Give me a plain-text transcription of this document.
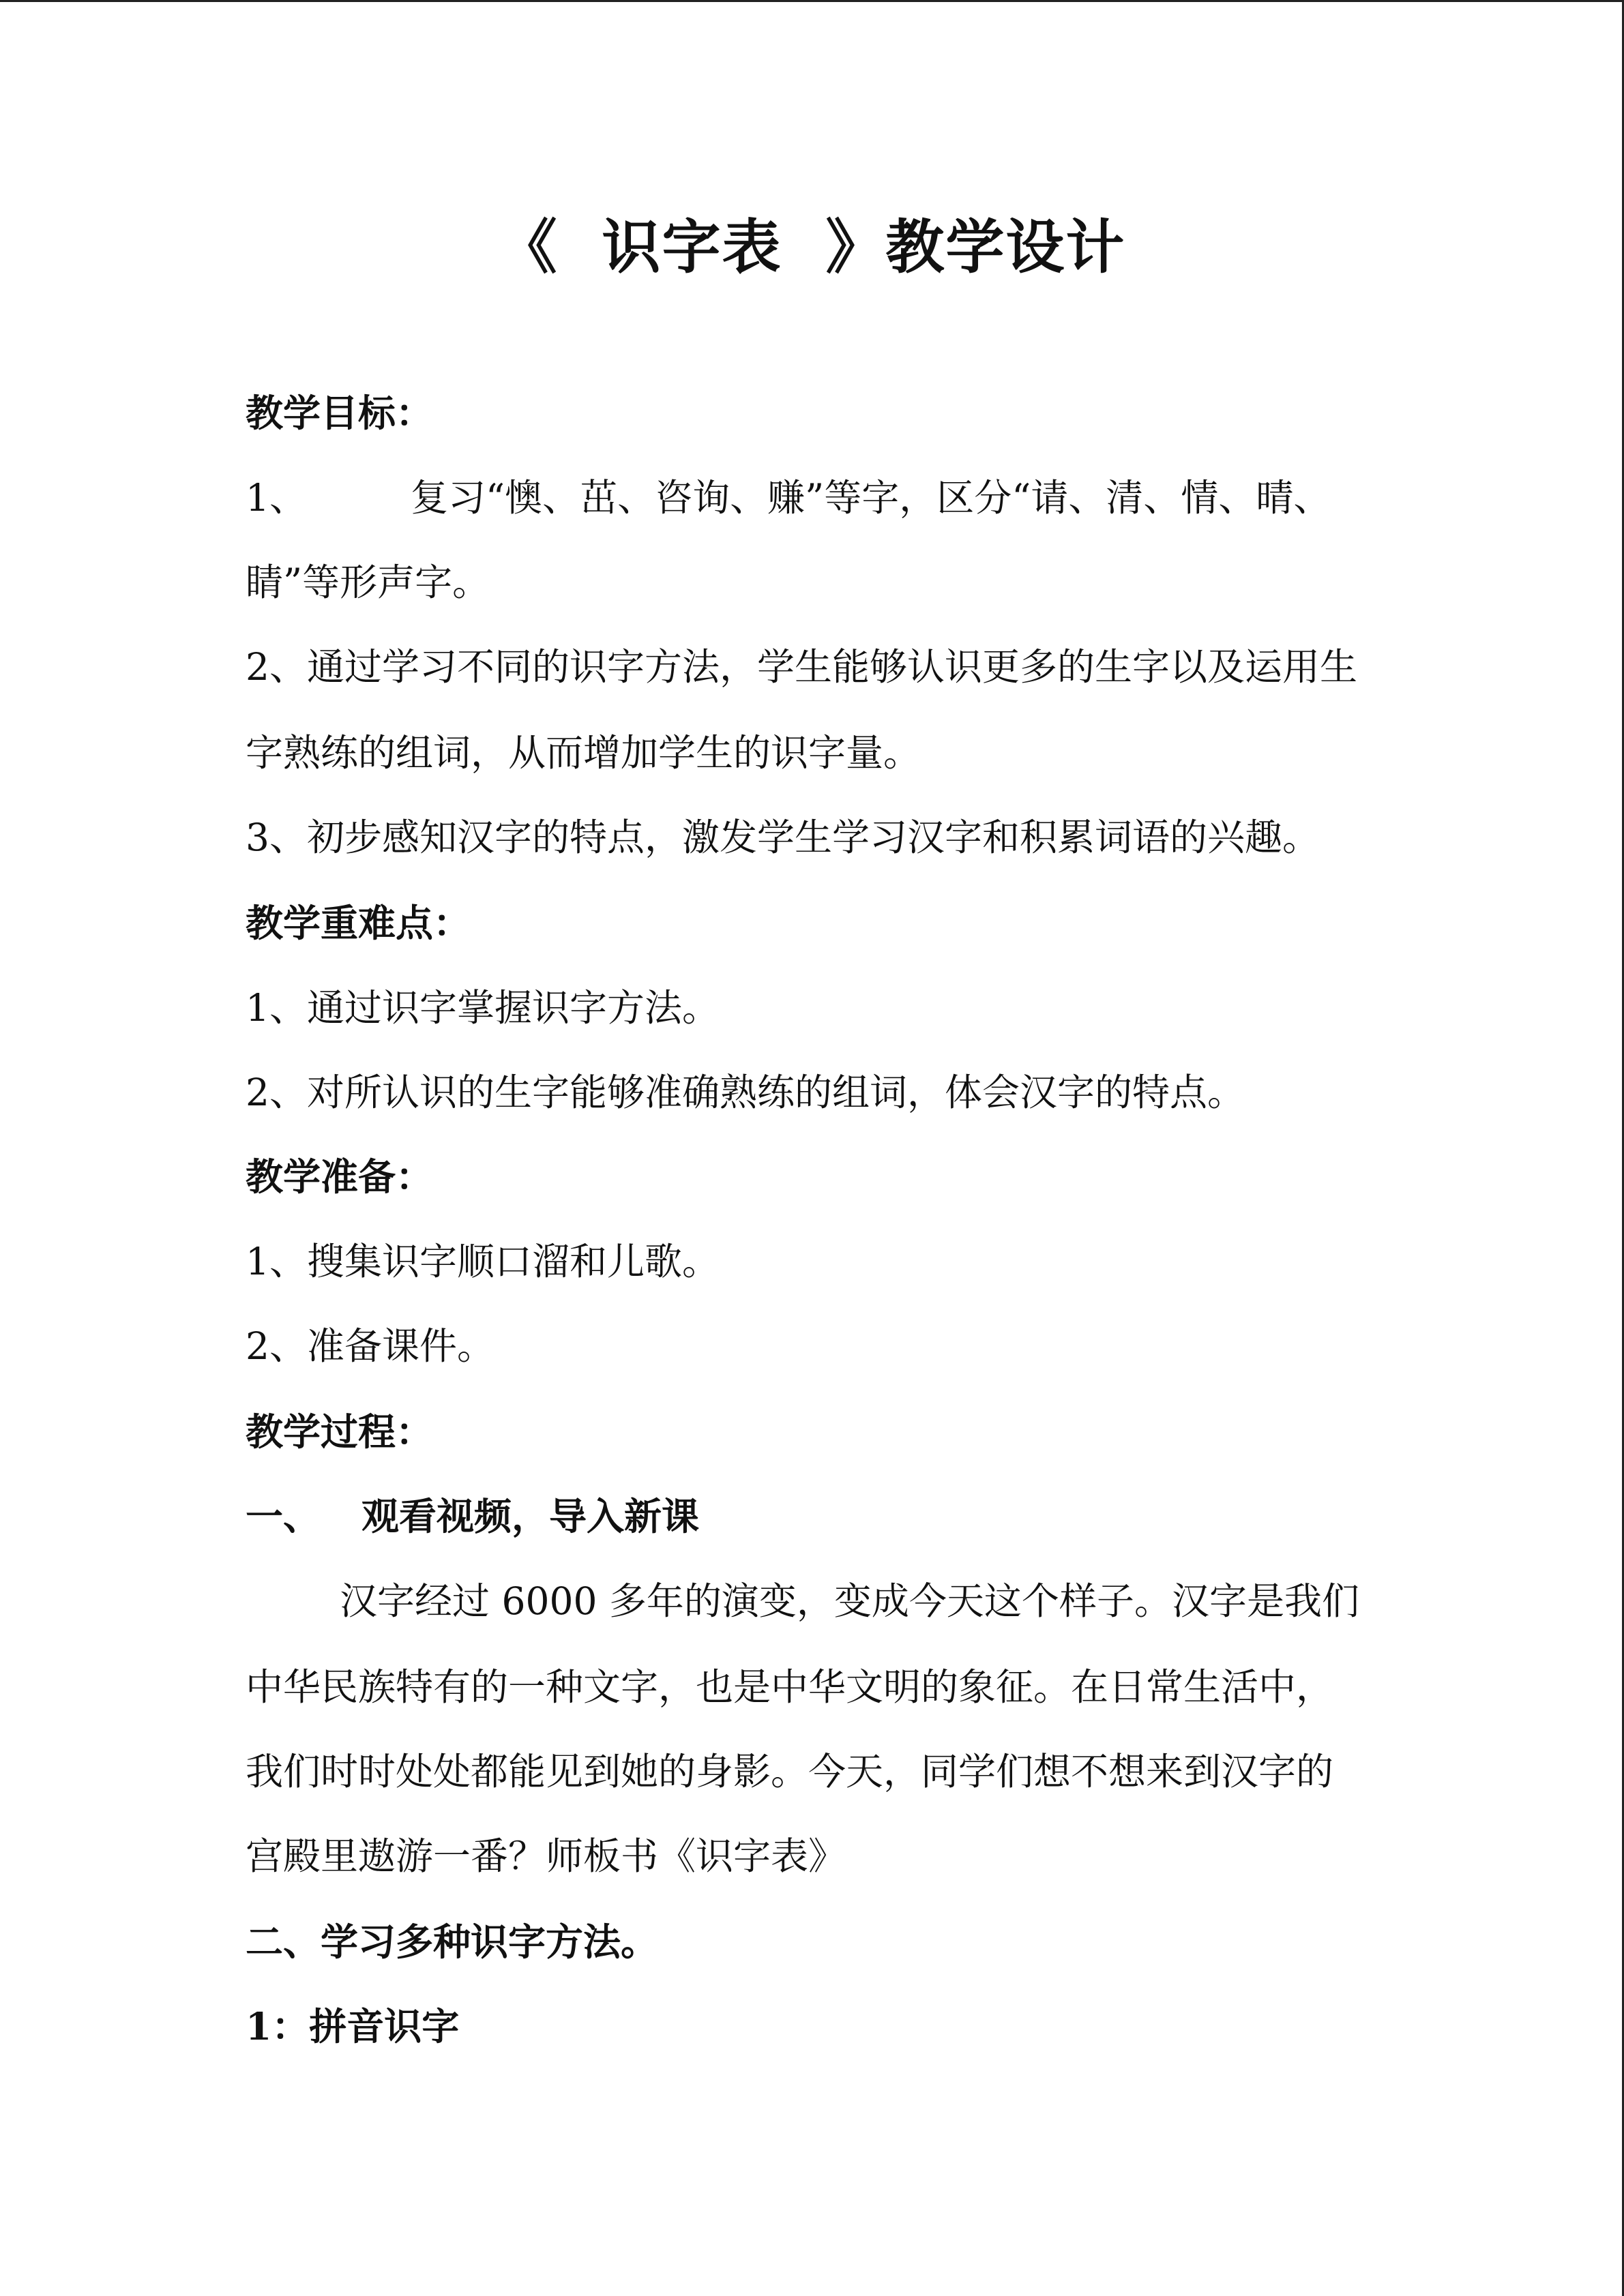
《  识字表  》教学设计
教学目标：
1、	复习“懊、茁、咨询、赚”等字，区分“请、清、情、晴、
睛”等形声字。
2、通过学习不同的识字方法，学生能够认识更多的生字以及运用生
字熟练的组词，从而增加学生的识字量。
3、初步感知汉字的特点，激发学生学习汉字和积累词语的兴趣。
教学重难点：
1、通过识字掌握识字方法。
2、对所认识的生字能够准确熟练的组词，体会汉字的特点。
教学准备：
1、搜集识字顺口溜和儿歌。
2、准备课件。
教学过程：
一、 观看视频，导入新课
汉字经过 6000 多年的演变，变成今天这个样子。汉字是我们
中华民族特有的一种文字，也是中华文明的象征。在日常生活中，
我们时时处处都能见到她的身影。今天，同学们想不想来到汉字的
宫殿里遨游一番？师板书《识字表》
二、学习多种识字方法。
1：拼音识字
